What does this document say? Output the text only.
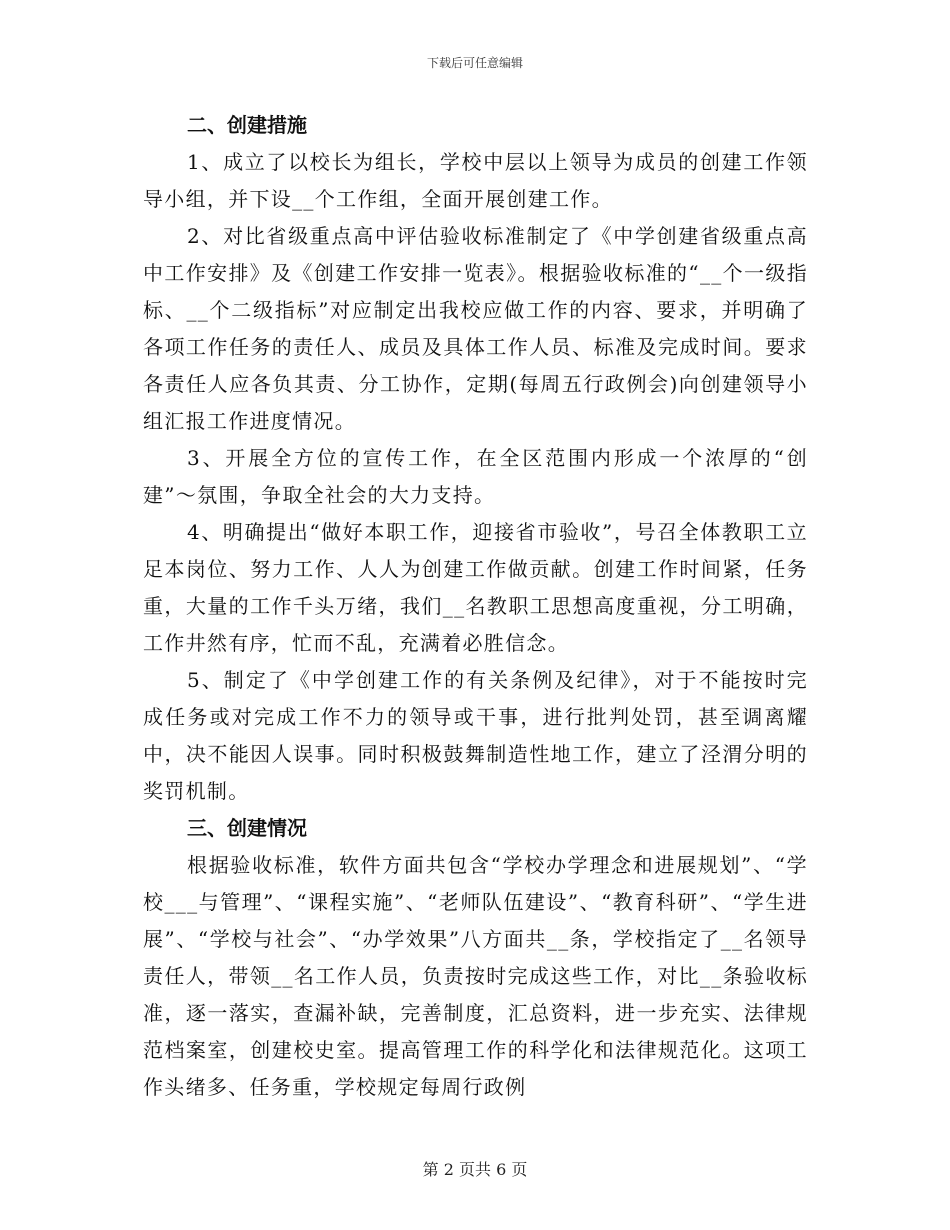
下载后可任意编辑

二、创建措施

1、成立了以校长为组长，学校中层以上领导为成员的创建工作领导小组，并下设__个工作组，全面开展创建工作。

2、对比省级重点高中评估验收标准制定了《中学创建省级重点高中工作安排》及《创建工作安排一览表》。根据验收标准的“__个一级指标、__个二级指标”对应制定出我校应做工作的内容、要求，并明确了各项工作任务的责任人、成员及具体工作人员、标准及完成时间。要求各责任人应各负其责、分工协作，定期(每周五行政例会)向创建领导小组汇报工作进度情况。

3、开展全方位的宣传工作，在全区范围内形成一个浓厚的“创建”～氛围，争取全社会的大力支持。

4、明确提出“做好本职工作，迎接省市验收”，号召全体教职工立足本岗位、努力工作、人人为创建工作做贡献。创建工作时间紧，任务重，大量的工作千头万绪，我们__名教职工思想高度重视，分工明确，工作井然有序，忙而不乱，充满着必胜信念。

5、制定了《中学创建工作的有关条例及纪律》，对于不能按时完成任务或对完成工作不力的领导或干事，进行批判处罚，甚至调离耀中，决不能因人误事。同时积极鼓舞制造性地工作，建立了泾渭分明的奖罚机制。

三、创建情况

根据验收标准，软件方面共包含“学校办学理念和进展规划”、“学校___与管理”、“课程实施”、“老师队伍建设”、“教育科研”、“学生进展”、“学校与社会”、“办学效果”八方面共__条，学校指定了__名领导责任人，带领__名工作人员，负责按时完成这些工作，对比__条验收标准，逐一落实，查漏补缺，完善制度，汇总资料，进一步充实、法律规范档案室，创建校史室。提高管理工作的科学化和法律规范化。这项工作头绪多、任务重，学校规定每周行政例

第 2 页共 6 页
